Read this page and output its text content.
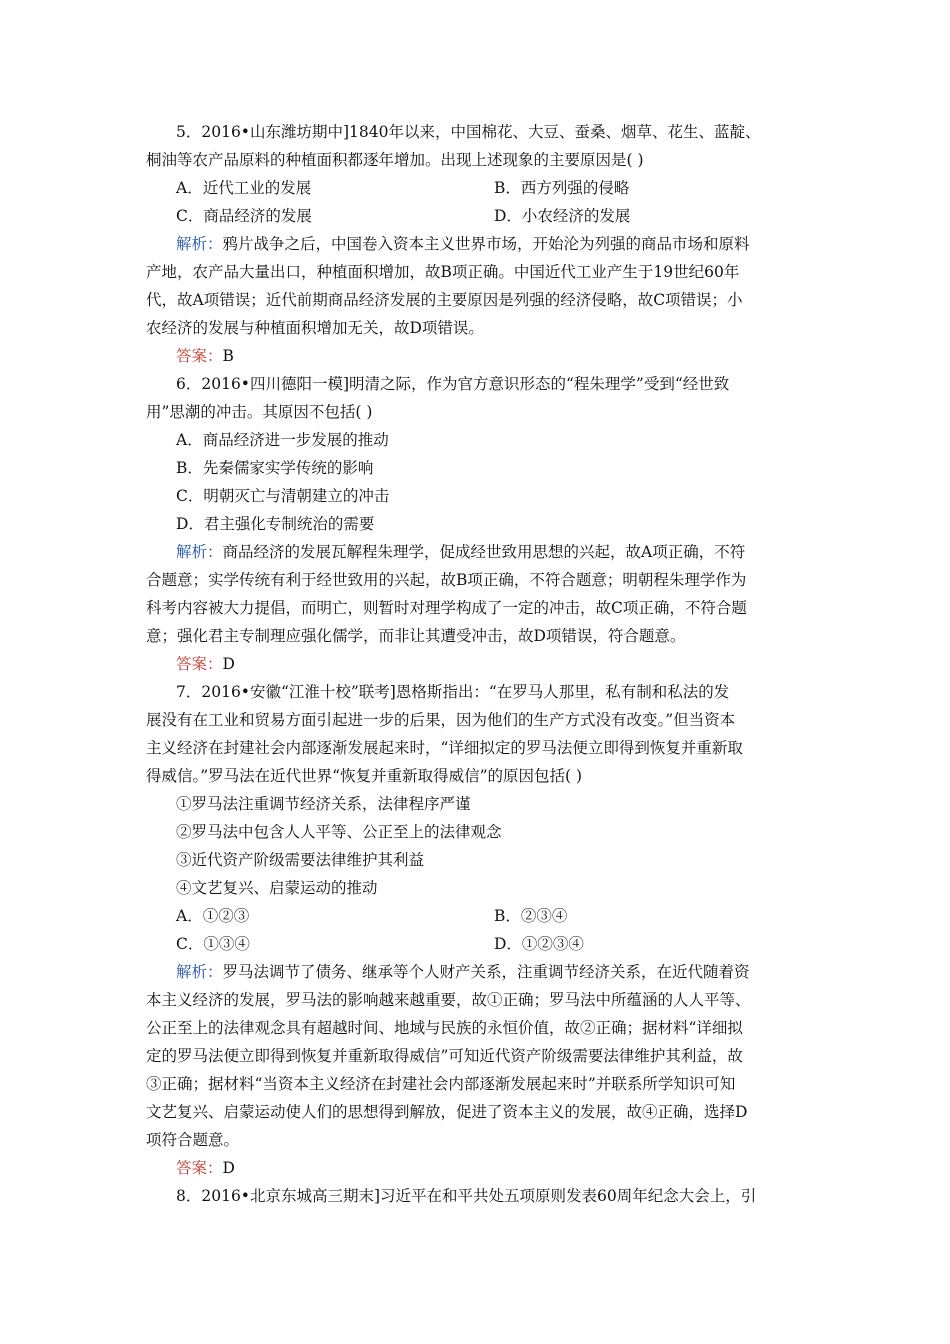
5．2016•山东潍坊期中]1840年以来，中国棉花、大豆、蚕桑、烟草、花生、蓝靛、
桐油等农产品原料的种植面积都逐年增加。出现上述现象的主要原因是( )
A．近代工业的发展	B．西方列强的侵略
C．商品经济的发展	D．小农经济的发展
解析：鸦片战争之后，中国卷入资本主义世界市场，开始沦为列强的商品市场和原料
产地，农产品大量出口，种植面积增加，故B项正确。中国近代工业产生于19世纪60年
代，故A项错误；近代前期商品经济发展的主要原因是列强的经济侵略，故C项错误；小
农经济的发展与种植面积增加无关，故D项错误。
答案：B
6．2016•四川德阳一模]明清之际，作为官方意识形态的“程朱理学”受到“经世致
用”思潮的冲击。其原因不包括( )
A．商品经济进一步发展的推动
B．先秦儒家实学传统的影响
C．明朝灭亡与清朝建立的冲击
D．君主强化专制统治的需要
解析：商品经济的发展瓦解程朱理学，促成经世致用思想的兴起，故A项正确，不符
合题意；实学传统有利于经世致用的兴起，故B项正确，不符合题意；明朝程朱理学作为
科考内容被大力提倡，而明亡，则暂时对理学构成了一定的冲击，故C项正确，不符合题
意；强化君主专制理应强化儒学，而非让其遭受冲击，故D项错误，符合题意。
答案：D
7．2016•安徽“江淮十校”联考]恩格斯指出：“在罗马人那里，私有制和私法的发
展没有在工业和贸易方面引起进一步的后果，因为他们的生产方式没有改变。”但当资本
主义经济在封建社会内部逐渐发展起来时，“详细拟定的罗马法便立即得到恢复并重新取
得威信。”罗马法在近代世界“恢复并重新取得威信”的原因包括( )
①罗马法注重调节经济关系，法律程序严谨
②罗马法中包含人人平等、公正至上的法律观念
③近代资产阶级需要法律维护其利益
④文艺复兴、启蒙运动的推动
A．①②③	B．②③④
C．①③④	D．①②③④
解析：罗马法调节了债务、继承等个人财产关系，注重调节经济关系，在近代随着资
本主义经济的发展，罗马法的影响越来越重要，故①正确；罗马法中所蕴涵的人人平等、
公正至上的法律观念具有超越时间、地域与民族的永恒价值，故②正确；据材料“详细拟
定的罗马法便立即得到恢复并重新取得威信”可知近代资产阶级需要法律维护其利益，故
③正确；据材料“当资本主义经济在封建社会内部逐渐发展起来时”并联系所学知识可知
文艺复兴、启蒙运动使人们的思想得到解放，促进了资本主义的发展，故④正确，选择D
项符合题意。
答案：D
8．2016•北京东城高三期末]习近平在和平共处五项原则发表60周年纪念大会上，引
